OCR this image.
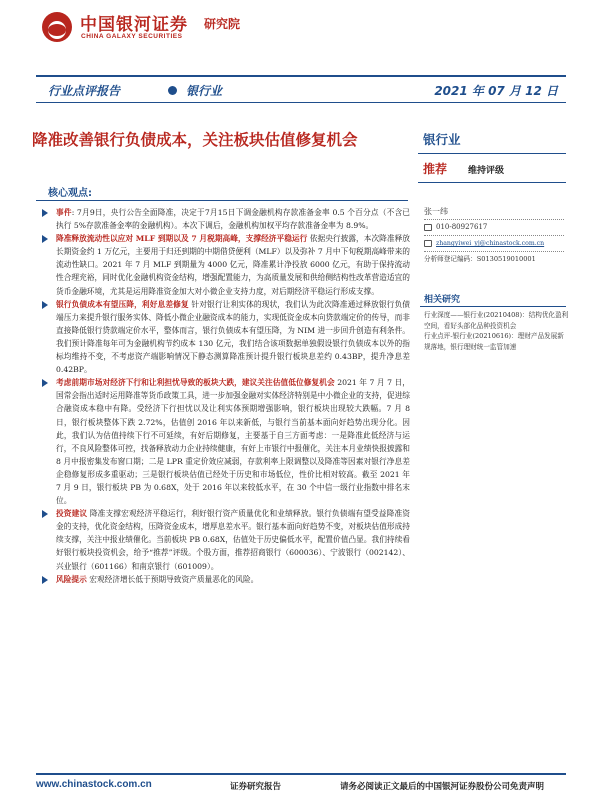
中国银河证券
CHINA GALAXY SECURITIES
研究院
行业点评报告	银行业	2021 年 07 月 12 日
降准改善银行负债成本，关注板块估值修复机会	银行业
推荐 维持评级
核心观点:
事件: 7月9日，央行公告全面降准，决定于7月15日下调金融机构存款准备金率 0.5 个百分点（不含已执行 5%存款准备金率的金融机构）。本次下调后，金融机构加权平均存款准备金率为 8.9%。
降准释放流动性以应对 MLF 到期以及 7 月税期高峰，支撑经济平稳运行 依据央行披露，本次降准释放长期资金约 1 万亿元，主要用于归还到期的中期借贷便利（MLF）以及弥补 7 月中下旬税期高峰带来的流动性缺口。2021 年 7 月 MLF 到期量为 4000 亿元，降准累计净投放 6000 亿元，有助于保持流动性合理充裕，同时优化金融机构资金结构，增强配置能力，为高质量发展和供给侧结构性改革营造适宜的货币金融环境，尤其是运用降准资金加大对小微企业支持力度，对后期经济平稳运行形成支撑。
银行负债成本有望压降，利好息差修复 针对银行让利实体的现状，我们认为此次降准通过释放银行负债端压力来提升银行服务实体、降低小微企业融资成本的能力，实现低资金成本向贷款端定价的传导，而非直接降低银行贷款端定价水平，整体而言，银行负债成本有望压降，为 NIM 进一步回升创造有利条件。我们预计降准每年可为金融机构节约成本 130 亿元，我们结合该项数据单独假设银行负债成本以外的指标均维持不变，不考虑资产端影响情况下静态测算降准预计提升银行板块息差约 0.43BP，提升净息差 0.42BP。
考虑前期市场对经济下行和让利担忧导致的板块大跌，建议关注估值低位修复机会 2021 年 7 月 7 日，国常会指出适时运用降准等货币政策工具，进一步加强金融对实体经济特别是中小微企业的支持，促进综合融资成本稳中有降。受经济下行担忧以及让利实体预期增强影响，银行板块出现较大跌幅。7 月 8 日，银行板块整体下跌 2.72%，估值创 2016 年以来新低，与银行当前基本面向好趋势出现分化。因此，我们认为估值持续下行不可延续，有好后期修复，主要基于自三方面考虑：一是降准此低经济与运行，不良风险整体可控，找备释放动力企业持续健康，有好上市银行中报催化，关注本月业绩快报披露和 8 月中报密集发布窗口期；二是 LPR 重定价效应减弱，存款利率上限调整以及降准等因素对银行净息差企稳修复形成多重驱动；三是银行板块估值已经处于历史和市场低位，性价比相对较高。截至 2021 年 7 月 9 日，银行板块 PB 为 0.68X，处于 2016 年以来较低水平，在 30 个中信一级行业指数中排名末位。
投资建议 降准支撑宏观经济平稳运行，利好银行资产质量优化和业绩释放。银行负债端有望受益降准资金的支持，优化资金结构，压降资金成本，增厚息差水平。银行基本面向好趋势不变，对板块估值形成持续支撑，关注中报业绩催化。当前板块 PB 0.68X，估值处于历史偏低水平，配置价值凸显。我们持续看好银行板块投资机会，给予“推荐”评级。个股方面，推荐招商银行（600036）、宁波银行（002142）、兴业银行（601166）和南京银行（601009）。
风险提示 宏观经济增长低于预期导致资产质量恶化的风险。
张一纬
010-80927617
zhangyiwei_yj@chinastock.com.cn
分析师登记编码：S0130519010001
相关研究
行业深度——银行业(20210408)：结构优化盈利空间，看好头部化品种投资机会
行业点评-银行业(20210616)：理财产品发展新规落地，银行理财统一监管加速
www.chinastock.com.cn	证券研究报告	请务必阅读正文最后的中国银河证券股份公司免责声明
